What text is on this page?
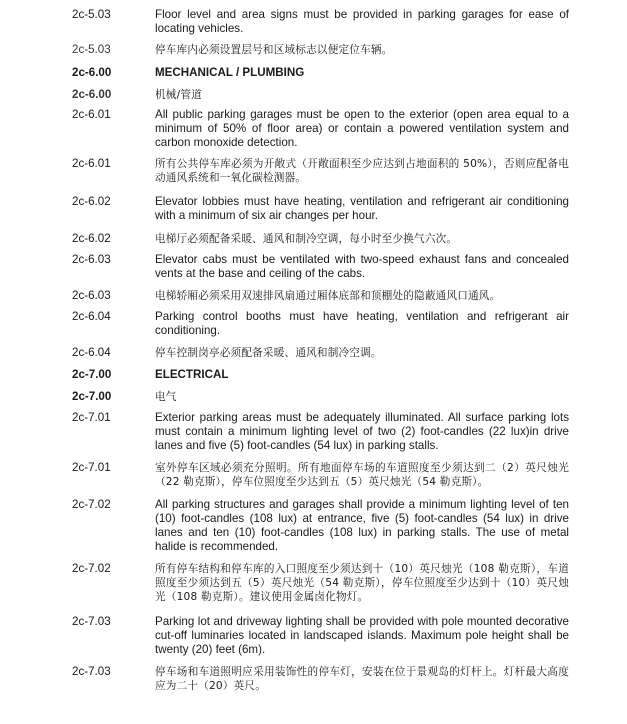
2c-5.03	Floor level and area signs must be provided in parking garages for ease of locating vehicles.
2c-5.03	停车库内必须设置层号和区域标志以便定位车辆。
2c-6.00	MECHANICAL / PLUMBING
2c-6.00	机械/管道
2c-6.01	All public parking garages must be open to the exterior (open area equal to a minimum of 50% of floor area) or contain a powered ventilation system and carbon monoxide detection.
2c-6.01	所有公共停车库必须为开敞式（开敞面积至少应达到占地面积的 50%），否则应配备电动通风系统和一氧化碳检测器。
2c-6.02	Elevator lobbies must have heating, ventilation and refrigerant air conditioning with a minimum of six air changes per hour.
2c-6.02	电梯厅必须配备采暖、通风和制冷空调，每小时至少换气六次。
2c-6.03	Elevator cabs must be ventilated with two-speed exhaust fans and concealed vents at the base and ceiling of the cabs.
2c-6.03	电梯轿厢必须采用双速排风扇通过厢体底部和顶棚处的隐蔽通风口通风。
2c-6.04	Parking control booths must have heating, ventilation and refrigerant air conditioning.
2c-6.04	停车控制岗亭必须配备采暖、通风和制冷空调。
2c-7.00	ELECTRICAL
2c-7.00	电气
2c-7.01	Exterior parking areas must be adequately illuminated. All surface parking lots must contain a minimum lighting level of two (2) foot-candles (22 lux)in drive lanes and five (5) foot-candles (54 lux) in parking stalls.
2c-7.01	室外停车区域必须充分照明。所有地面停车场的车道照度至少须达到二（2）英尺烛光（22 勒克斯），停车位照度至少达到五（5）英尺烛光（54 勒克斯）。
2c-7.02	All parking structures and garages shall provide a minimum lighting level of ten (10) foot-candles (108 lux) at entrance, five (5) foot-candles (54 lux) in drive lanes and ten (10) foot-candles (108 lux) in parking stalls. The use of metal halide is recommended.
2c-7.02	所有停车结构和停车库的入口照度至少须达到十（10）英尺烛光（108 勒克斯），车道照度至少须达到五（5）英尺烛光（54 勒克斯），停车位照度至少达到十（10）英尺烛光（108 勒克斯）。建议使用金属卤化物灯。
2c-7.03	Parking lot and driveway lighting shall be provided with pole mounted decorative cut-off luminaries located in landscaped islands. Maximum pole height shall be twenty (20) feet (6m).
2c-7.03	停车场和车道照明应采用装饰性的停车灯，安装在位于景观岛的灯杆上。灯杆最大高度应为二十（20）英尺。
